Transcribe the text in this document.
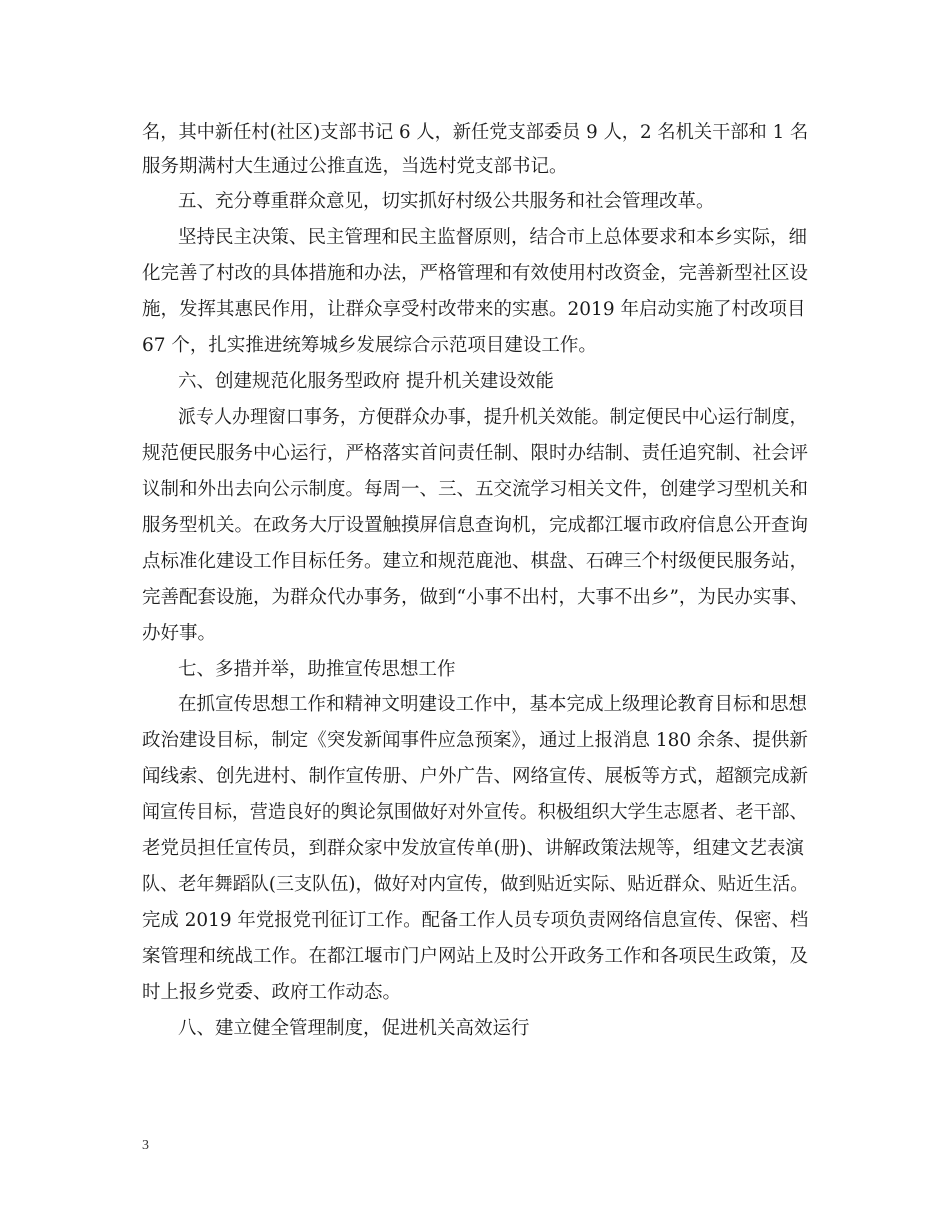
名，其中新任村(社区)支部书记 6 人，新任党支部委员 9 人，2 名机关干部和 1 名
服务期满村大生通过公推直选，当选村党支部书记。
五、充分尊重群众意见，切实抓好村级公共服务和社会管理改革。
坚持民主决策、民主管理和民主监督原则，结合市上总体要求和本乡实际，细
化完善了村改的具体措施和办法，严格管理和有效使用村改资金，完善新型社区设
施，发挥其惠民作用，让群众享受村改带来的实惠。2019 年启动实施了村改项目
67 个，扎实推进统筹城乡发展综合示范项目建设工作。
六、创建规范化服务型政府 提升机关建设效能
派专人办理窗口事务，方便群众办事，提升机关效能。制定便民中心运行制度，
规范便民服务中心运行，严格落实首问责任制、限时办结制、责任追究制、社会评
议制和外出去向公示制度。每周一、三、五交流学习相关文件，创建学习型机关和
服务型机关。在政务大厅设置触摸屏信息查询机，完成都江堰市政府信息公开查询
点标准化建设工作目标任务。建立和规范鹿池、棋盘、石碑三个村级便民服务站，
完善配套设施，为群众代办事务，做到“小事不出村，大事不出乡”，为民办实事、
办好事。
七、多措并举，助推宣传思想工作
在抓宣传思想工作和精神文明建设工作中，基本完成上级理论教育目标和思想
政治建设目标，制定《突发新闻事件应急预案》，通过上报消息 180 余条、提供新
闻线索、创先进村、制作宣传册、户外广告、网络宣传、展板等方式，超额完成新
闻宣传目标，营造良好的舆论氛围做好对外宣传。积极组织大学生志愿者、老干部、
老党员担任宣传员，到群众家中发放宣传单(册)、讲解政策法规等，组建文艺表演
队、老年舞蹈队(三支队伍)，做好对内宣传，做到贴近实际、贴近群众、贴近生活。
完成 2019 年党报党刊征订工作。配备工作人员专项负责网络信息宣传、保密、档
案管理和统战工作。在都江堰市门户网站上及时公开政务工作和各项民生政策，及
时上报乡党委、政府工作动态。
八、建立健全管理制度，促进机关高效运行
3
